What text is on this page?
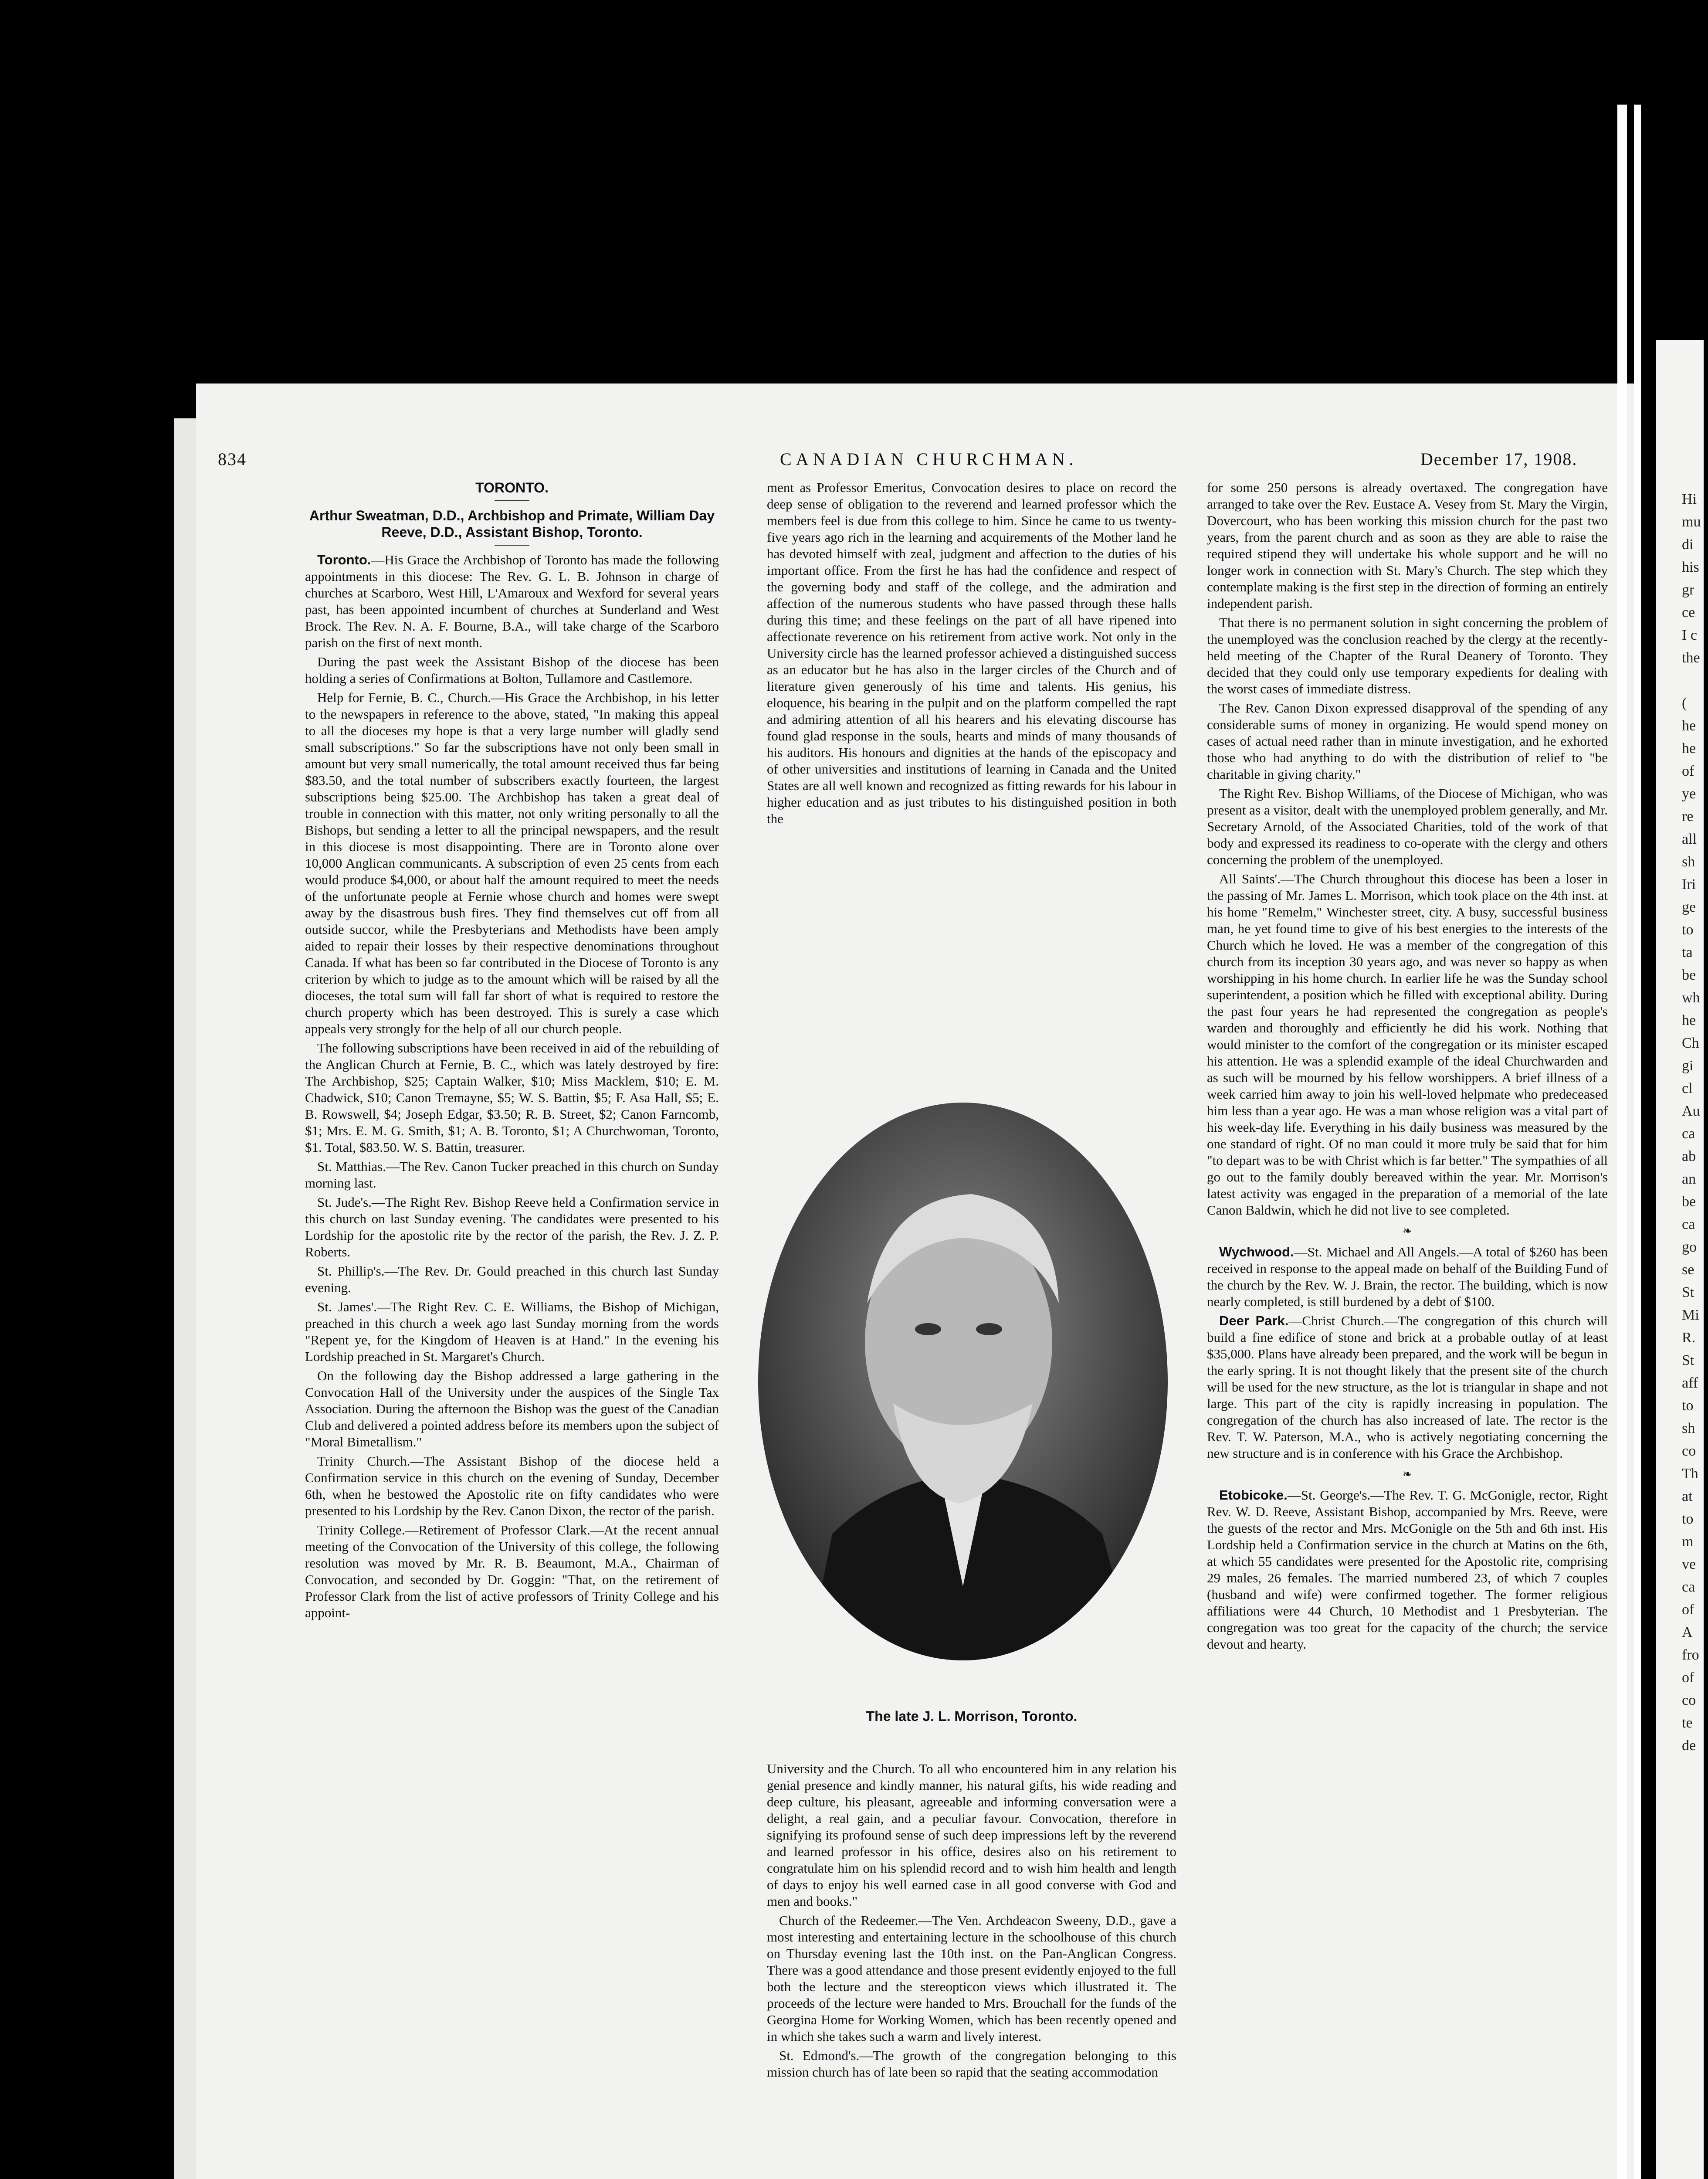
Hi
mu
di
his
gr
ce
I c
the

(
he
he
of
ye
re
all
sh
Iri
ge
to
ta
be
wh
he
Ch
gi
cl
Au
ca
ab
an
be
ca
go
se
St
Mi
R.
St
aff
to
sh
co
Th
at
to
m
ve
ca
of
A
fro
of
co
te
de
834	CANADIAN CHURCHMAN.	December 17, 1908.

TORONTO.

Arthur Sweatman, D.D., Archbishop and Primate, William Day Reeve, D.D., Assistant Bishop, Toronto.

Toronto.—His Grace the Archbishop of Toronto has made the following appointments in this diocese: The Rev. G. L. B. Johnson in charge of churches at Scarboro, West Hill, L'Amaroux and Wexford for several years past, has been appointed incumbent of churches at Sunderland and West Brock. The Rev. N. A. F. Bourne, B.A., will take charge of the Scarboro parish on the first of next month.

During the past week the Assistant Bishop of the diocese has been holding a series of Confirmations at Bolton, Tullamore and Castlemore.

Help for Fernie, B. C., Church.—His Grace the Archbishop, in his letter to the newspapers in reference to the above, stated, "In making this appeal to all the dioceses my hope is that a very large number will gladly send small subscriptions." So far the subscriptions have not only been small in amount but very small numerically, the total amount received thus far being $83.50, and the total number of subscribers exactly fourteen, the largest subscriptions being $25.00. The Archbishop has taken a great deal of trouble in connection with this matter, not only writing personally to all the Bishops, but sending a letter to all the principal newspapers, and the result in this diocese is most disappointing. There are in Toronto alone over 10,000 Anglican communicants. A subscription of even 25 cents from each would produce $4,000, or about half the amount required to meet the needs of the unfortunate people at Fernie whose church and homes were swept away by the disastrous bush fires. They find themselves cut off from all outside succor, while the Presbyterians and Methodists have been amply aided to repair their losses by their respective denominations throughout Canada. If what has been so far contributed in the Diocese of Toronto is any criterion by which to judge as to the amount which will be raised by all the dioceses, the total sum will fall far short of what is required to restore the church property which has been destroyed. This is surely a case which appeals very strongly for the help of all our church people.

The following subscriptions have been received in aid of the rebuilding of the Anglican Church at Fernie, B. C., which was lately destroyed by fire: The Archbishop, $25; Captain Walker, $10; Miss Macklem, $10; E. M. Chadwick, $10; Canon Tremayne, $5; W. S. Battin, $5; F. Asa Hall, $5; E. B. Rowswell, $4; Joseph Edgar, $3.50; R. B. Street, $2; Canon Farncomb, $1; Mrs. E. M. G. Smith, $1; A. B. Toronto, $1; A Churchwoman, Toronto, $1. Total, $83.50. W. S. Battin, treasurer.

St. Matthias.—The Rev. Canon Tucker preached in this church on Sunday morning last.

St. Jude's.—The Right Rev. Bishop Reeve held a Confirmation service in this church on last Sunday evening. The candidates were presented to his Lordship for the apostolic rite by the rector of the parish, the Rev. J. Z. P. Roberts.

St. Phillip's.—The Rev. Dr. Gould preached in this church last Sunday evening.

St. James'.—The Right Rev. C. E. Williams, the Bishop of Michigan, preached in this church a week ago last Sunday morning from the words "Repent ye, for the Kingdom of Heaven is at Hand." In the evening his Lordship preached in St. Margaret's Church.

On the following day the Bishop addressed a large gathering in the Convocation Hall of the University under the auspices of the Single Tax Association. During the afternoon the Bishop was the guest of the Canadian Club and delivered a pointed address before its members upon the subject of "Moral Bimetallism."

Trinity Church.—The Assistant Bishop of the diocese held a Confirmation service in this church on the evening of Sunday, December 6th, when he bestowed the Apostolic rite on fifty candidates who were presented to his Lordship by the Rev. Canon Dixon, the rector of the parish.

Trinity College.—Retirement of Professor Clark.—At the recent annual meeting of the Convocation of the University of this college, the following resolution was moved by Mr. R. B. Beaumont, M.A., Chairman of Convocation, and seconded by Dr. Goggin: "That, on the retirement of Professor Clark from the list of active professors of Trinity College and his appoint-

ment as Professor Emeritus, Convocation desires to place on record the deep sense of obligation to the reverend and learned professor which the members feel is due from this college to him. Since he came to us twenty-five years ago rich in the learning and acquirements of the Mother land he has devoted himself with zeal, judgment and affection to the duties of his important office. From the first he has had the confidence and respect of the governing body and staff of the college, and the admiration and affection of the numerous students who have passed through these halls during this time; and these feelings on the part of all have ripened into affectionate reverence on his retirement from active work. Not only in the University circle has the learned professor achieved a distinguished success as an educator but he has also in the larger circles of the Church and of literature given generously of his time and talents. His genius, his eloquence, his bearing in the pulpit and on the platform compelled the rapt and admiring attention of all his hearers and his elevating discourse has found glad response in the souls, hearts and minds of many thousands of his auditors. His honours and dignities at the hands of the episcopacy and of other universities and institutions of learning in Canada and the United States are all well known and recognized as fitting rewards for his labour in higher education and as just tributes to his distinguished position in both the

The late J. L. Morrison, Toronto.

University and the Church. To all who encountered him in any relation his genial presence and kindly manner, his natural gifts, his wide reading and deep culture, his pleasant, agreeable and informing conversation were a delight, a real gain, and a peculiar favour. Convocation, therefore in signifying its profound sense of such deep impressions left by the reverend and learned professor in his office, desires also on his retirement to congratulate him on his splendid record and to wish him health and length of days to enjoy his well earned case in all good converse with God and men and books."

Church of the Redeemer.—The Ven. Archdeacon Sweeny, D.D., gave a most interesting and entertaining lecture in the schoolhouse of this church on Thursday evening last the 10th inst. on the Pan-Anglican Congress. There was a good attendance and those present evidently enjoyed to the full both the lecture and the stereopticon views which illustrated it. The proceeds of the lecture were handed to Mrs. Brouchall for the funds of the Georgina Home for Working Women, which has been recently opened and in which she takes such a warm and lively interest.

St. Edmond's.—The growth of the congregation belonging to this mission church has of late been so rapid that the seating accommodation

for some 250 persons is already overtaxed. The congregation have arranged to take over the Rev. Eustace A. Vesey from St. Mary the Virgin, Dovercourt, who has been working this mission church for the past two years, from the parent church and as soon as they are able to raise the required stipend they will undertake his whole support and he will no longer work in connection with St. Mary's Church. The step which they contemplate making is the first step in the direction of forming an entirely independent parish.

That there is no permanent solution in sight concerning the problem of the unemployed was the conclusion reached by the clergy at the recently-held meeting of the Chapter of the Rural Deanery of Toronto. They decided that they could only use temporary expedients for dealing with the worst cases of immediate distress.

The Rev. Canon Dixon expressed disapproval of the spending of any considerable sums of money in organizing. He would spend money on cases of actual need rather than in minute investigation, and he exhorted those who had anything to do with the distribution of relief to "be charitable in giving charity."

The Right Rev. Bishop Williams, of the Diocese of Michigan, who was present as a visitor, dealt with the unemployed problem generally, and Mr. Secretary Arnold, of the Associated Charities, told of the work of that body and expressed its readiness to co-operate with the clergy and others concerning the problem of the unemployed.

All Saints'.—The Church throughout this diocese has been a loser in the passing of Mr. James L. Morrison, which took place on the 4th inst. at his home "Remelm," Winchester street, city. A busy, successful business man, he yet found time to give of his best energies to the interests of the Church which he loved. He was a member of the congregation of this church from its inception 30 years ago, and was never so happy as when worshipping in his home church. In earlier life he was the Sunday school superintendent, a position which he filled with exceptional ability. During the past four years he had represented the congregation as people's warden and thoroughly and efficiently he did his work. Nothing that would minister to the comfort of the congregation or its minister escaped his attention. He was a splendid example of the ideal Churchwarden and as such will be mourned by his fellow worshippers. A brief illness of a week carried him away to join his well-loved helpmate who predeceased him less than a year ago. He was a man whose religion was a vital part of his week-day life. Everything in his daily business was measured by the one standard of right. Of no man could it more truly be said that for him "to depart was to be with Christ which is far better." The sympathies of all go out to the family doubly bereaved within the year. Mr. Morrison's latest activity was engaged in the preparation of a memorial of the late Canon Baldwin, which he did not live to see completed.

❧

Wychwood.—St. Michael and All Angels.—A total of $260 has been received in response to the appeal made on behalf of the Building Fund of the church by the Rev. W. J. Brain, the rector. The building, which is now nearly completed, is still burdened by a debt of $100.

Deer Park.—Christ Church.—The congregation of this church will build a fine edifice of stone and brick at a probable outlay of at least $35,000. Plans have already been prepared, and the work will be begun in the early spring. It is not thought likely that the present site of the church will be used for the new structure, as the lot is triangular in shape and not large. This part of the city is rapidly increasing in population. The congregation of the church has also increased of late. The rector is the Rev. T. W. Paterson, M.A., who is actively negotiating concerning the new structure and is in conference with his Grace the Archbishop.

❧

Etobicoke.—St. George's.—The Rev. T. G. McGonigle, rector, Right Rev. W. D. Reeve, Assistant Bishop, accompanied by Mrs. Reeve, were the guests of the rector and Mrs. McGonigle on the 5th and 6th inst. His Lordship held a Confirmation service in the church at Matins on the 6th, at which 55 candidates were presented for the Apostolic rite, comprising 29 males, 26 females. The married numbered 23, of which 7 couples (husband and wife) were confirmed together. The former religious affiliations were 44 Church, 10 Methodist and 1 Presbyterian. The congregation was too great for the capacity of the church; the service devout and hearty.
